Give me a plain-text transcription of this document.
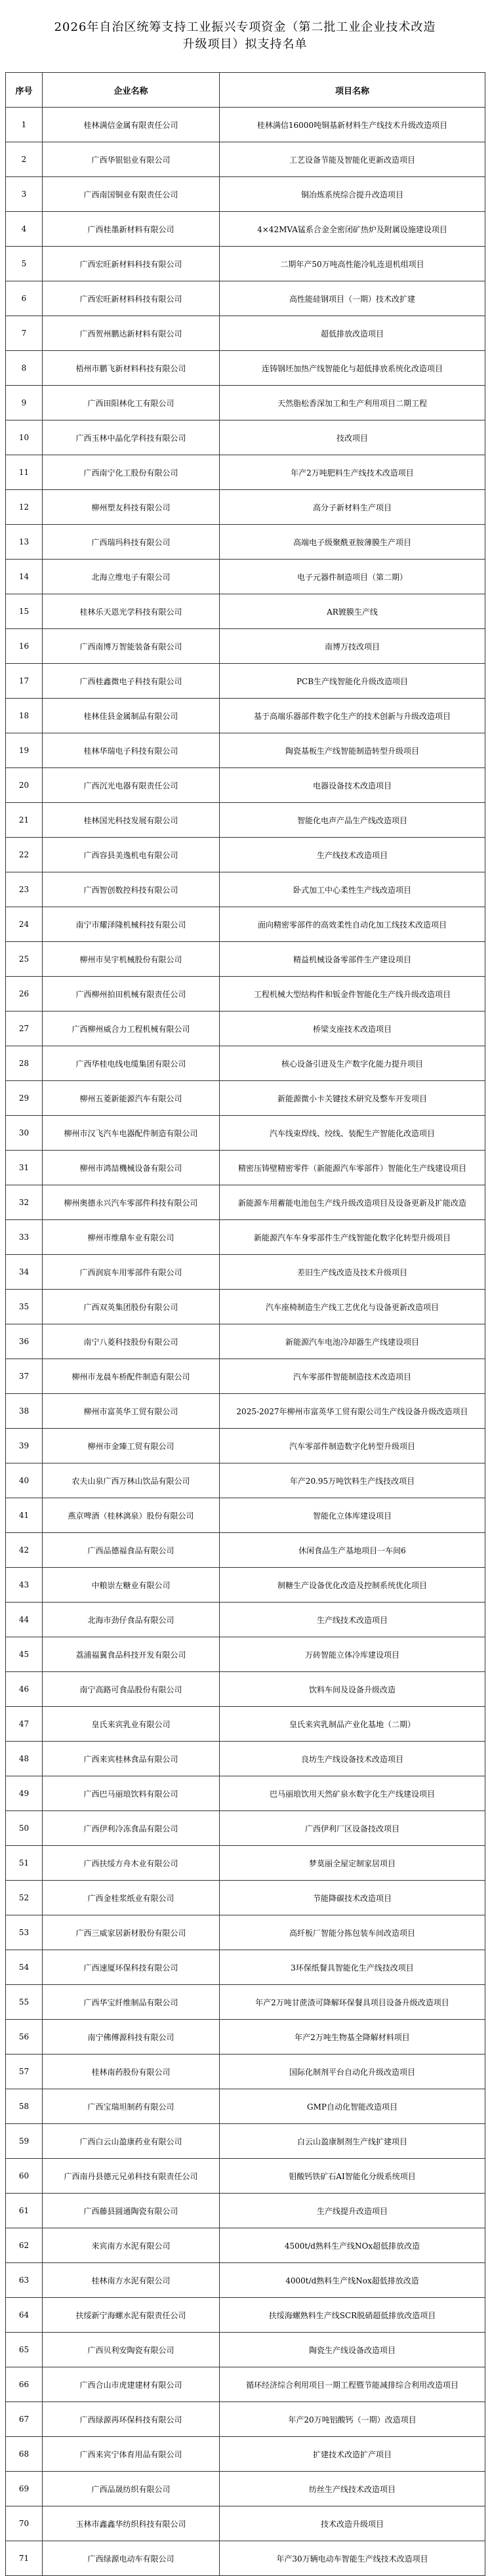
2026年自治区统筹支持工业振兴专项资金（第二批工业企业技术改造升级项目）拟支持名单
序号	企业名称	项目名称
1	桂林满信金属有限责任公司	桂林满信16000吨铜基新材料生产线技术升级改造项目
2	广西华银铝业有限公司	工艺设备节能及智能化更新改造项目
3	广西南国铜业有限责任公司	铜冶炼系统综合提升改造项目
4	广西桂墨新材料有限公司	4×42MVA锰系合金全密闭矿热炉及附属设施建设项目
5	广西宏旺新材料科技有限公司	二期年产50万吨高性能冷轧连退机组项目
6	广西宏旺新材料科技有限公司	高性能硅钢项目（一期）技术改扩建
7	广西贺州鹏达新材料有限公司	超低排放改造项目
8	梧州市鹏飞新材料科技有限公司	连铸钢坯加热产线智能化与超低排放系统化改造项目
9	广西田阳林化工有限公司	天然脂松香深加工和生产利用项目二期工程
10	广西玉林中晶化学科技有限公司	技改项目
11	广西南宁化工股份有限公司	年产2万吨肥料生产线技术改造项目
12	柳州塑友科技有限公司	高分子新材料生产项目
13	广西瑞玛科技有限公司	高端电子级聚酰亚胺薄膜生产项目
14	北海立维电子有限公司	电子元器件制造项目（第二期）
15	桂林乐天恩光学科技有限公司	AR镀膜生产线
16	广西南博万智能装备有限公司	南博万技改项目
17	广西桂鑫微电子科技有限公司	PCB生产线智能化升级改造项目
18	桂林佳县金属制品有限公司	基于高端乐器部件数字化生产的技术创新与升级改造项目
19	桂林华瑞电子科技有限公司	陶瓷基板生产线智能制造转型升级项目
20	广西沉光电器有限责任公司	电器设备技术改造项目
21	桂林国光科技发展有限公司	智能化电声产品生产线改造项目
22	广西容县美逸机电有限公司	生产线技术改造项目
23	广西智创数控科技有限公司	卧式加工中心柔性生产线改造项目
24	南宁市耀泽隆机械科技有限公司	面向精密零部件的高效柔性自动化加工线技术改造项目
25	柳州市昊宇机械股份有限公司	精益机械设备零部件生产建设项目
26	广西柳州拍田机械有限责任公司	工程机械大型结构件和钣金件智能化生产线升级改造项目
27	广西柳州威合力工程机械有限公司	桥梁支座技术改造项目
28	广西华桂电线电缆集团有限公司	核心设备引进及生产数字化能力提升项目
29	柳州五菱新能源汽车有限公司	新能源微小卡关键技术研究及整车开发项目
30	柳州市汉飞汽车电器配件制造有限公司	汽车线束焊线、绞线、装配生产智能化改造项目
31	柳州市鸿喆機械设备有限公司	精密压铸壁精密零件（新能源汽车零部件）智能化生产线建设项目
32	柳州奥德永兴汽车零部件科技有限公司	新能源车用蓄能电池包生产线升级改造项目及设备更新及扩能改造
33	柳州市维鼎车业有限公司	新能源汽车车身零部件生产线智能化数字化转型升级项目
34	广西润宸车用零部件有限公司	差旧生产线改造及技术升级项目
35	广西双英集团股份有限公司	汽车座椅制造生产线工艺优化与设备更新改造项目
36	南宁八菱科技股份有限公司	新能源汽车电池冷却器生产线建设项目
37	柳州市龙晨车桥配件制造有限公司	汽车零部件智能制造技术改造项目
38	柳州市富英华工贸有限公司	2025-2027年柳州市富英华工贸有限公司生产线设备升级改造项目
39	柳州市金臻工贸有限公司	汽车零部件制造数字化转型升级项目
40	农夫山泉广西万林山饮品有限公司	年产20.95万吨饮料生产线技改项目
41	燕京啤酒（桂林漓泉）股份有限公司	智能化立体库建设项目
42	广西品德福食品有限公司	休闲食品生产基地项目一车间6
43	中粮崇左糖业有限公司	制糖生产设备优化改造及控制系统优化项目
44	北海市劲仔食品有限公司	生产线技术改造项目
45	荔浦福翼食品科技开发有限公司	万砖智能立体冷库建设项目
46	南宁高路可食品股份有限公司	饮料车间及设备升级改造
47	皇氏来宾乳业有限公司	皇氏来宾乳制品产业化基地（二期）
48	广西来宾桂林食品有限公司	良坊生产线设备技术改造项目
49	广西巴马丽琅饮料有限公司	巴马丽琅饮用天然矿泉水数字化生产线建设项目
50	广西伊利冷冻食品有限公司	广西伊利厂区设备技改项目
51	广西扶绥方舟木业有限公司	梦莫丽全屋定制家居项目
52	广西金桂浆纸业有限公司	节能降碳技术改造项目
53	广西三威家居新材股份有限公司	高纤板厂智能分拣包装车间改造项目
54	广西速厦环保科技有限公司	3环保纸餐具智能化生产线技改项目
55	广西华宝纤维制品有限公司	年产2万吨甘蔗渣可降解环保餐具项目设备升级改造项目
56	南宁佛傅源科技有限公司	年产2万吨生物基全降解材料项目
57	桂林南药股份有限公司	国际化制剂平台自动化升级改造项目
58	广西宝瑞坦制药有限公司	GMP自动化智能改造项目
59	广西白云山盈康药业有限公司	白云山盈康制剂生产线扩建项目
60	广西南丹县德元兄弟科技有限责任公司	钼酸钙铁矿石AI智能化分级系统项目
61	广西藤县圆通陶瓷有限公司	生产线提升改造项目
62	来宾南方水泥有限公司	4500t/d熟料生产线NOx超低排放改造
63	桂林南方水泥有限公司	4000t/d熟料生产线Nox超低排放改造
64	扶绥新宁海螺水泥有限责任公司	扶绥海螺熟料生产线SCR脱硝超低排放改造项目
65	广西贝利安陶瓷有限公司	陶瓷生产线设备改造项目
66	广西合山市虎建建材有限公司	循环经济综合利用项目一期工程暨节能减排综合利用改造项目
67	广西绿源再环保科技有限公司	年产20万吨铝酸钙（一期）改造项目
68	广西来宾宁体育用品有限公司	扩建技术改造扩产项目
69	广西品晟纺织有限公司	纺丝生产线技术改造项目
70	玉林市鑫鑫华纺织科技有限公司	技术改造升级项目
71	广西绿源电动车有限公司	年产30万辆电动车智能生产线技术改造项目
